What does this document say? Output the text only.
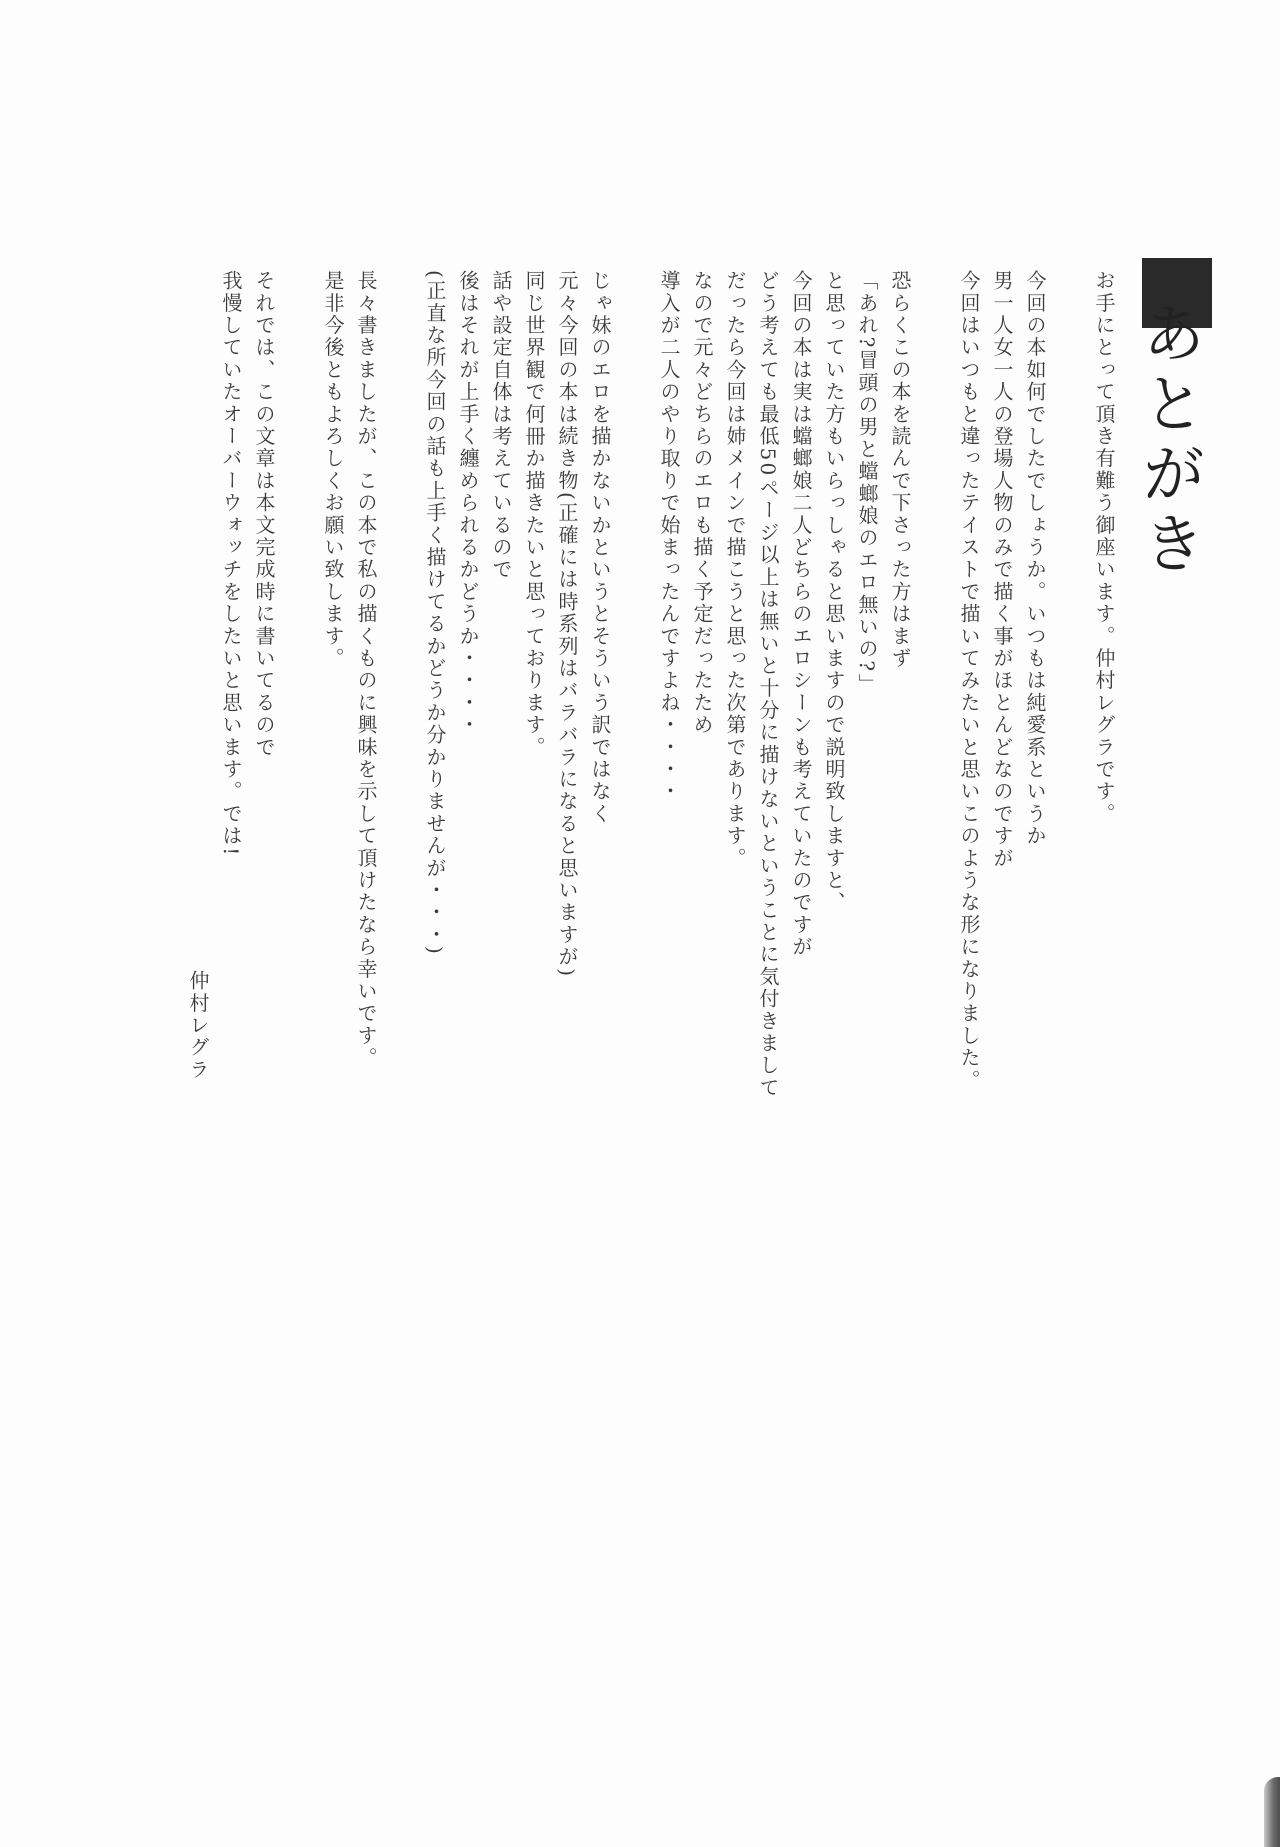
あとがき
お手にとって頂き有難う御座います。仲村レグラです。
今回の本如何でしたでしょうか。いつもは純愛系というか
男一人女一人の登場人物のみで描く事がほとんどなのですが
今回はいつもと違ったテイストで描いてみたいと思いこのような形になりました。
恐らくこの本を読んで下さった方はまず
「あれ?冒頭の男と蟷螂娘のエロ無いの?」
と思っていた方もいらっしゃると思いますので説明致しますと、
今回の本は実は蟷螂娘二人どちらのエロシーンも考えていたのですが
どう考えても最低50ページ以上は無いと十分に描けないということに気付きまして
だったら今回は姉メインで描こうと思った次第であります。
なので元々どちらのエロも描く予定だったため
導入が二人のやり取りで始まったんですよね・・・・
じゃ妹のエロを描かないかというとそういう訳ではなく
元々今回の本は続き物(正確には時系列はバラバラになると思いますが)
同じ世界観で何冊か描きたいと思っております。
話や設定自体は考えているので
後はそれが上手く纏められるかどうか・・・・
(正直な所今回の話も上手く描けてるかどうか分かりませんが・・・)
長々書きましたが、この本で私の描くものに興味を示して頂けたなら幸いです。
是非今後ともよろしくお願い致します。
それでは、この文章は本文完成時に書いてるので
我慢していたオーバーウォッチをしたいと思います。では!
仲村レグラ
